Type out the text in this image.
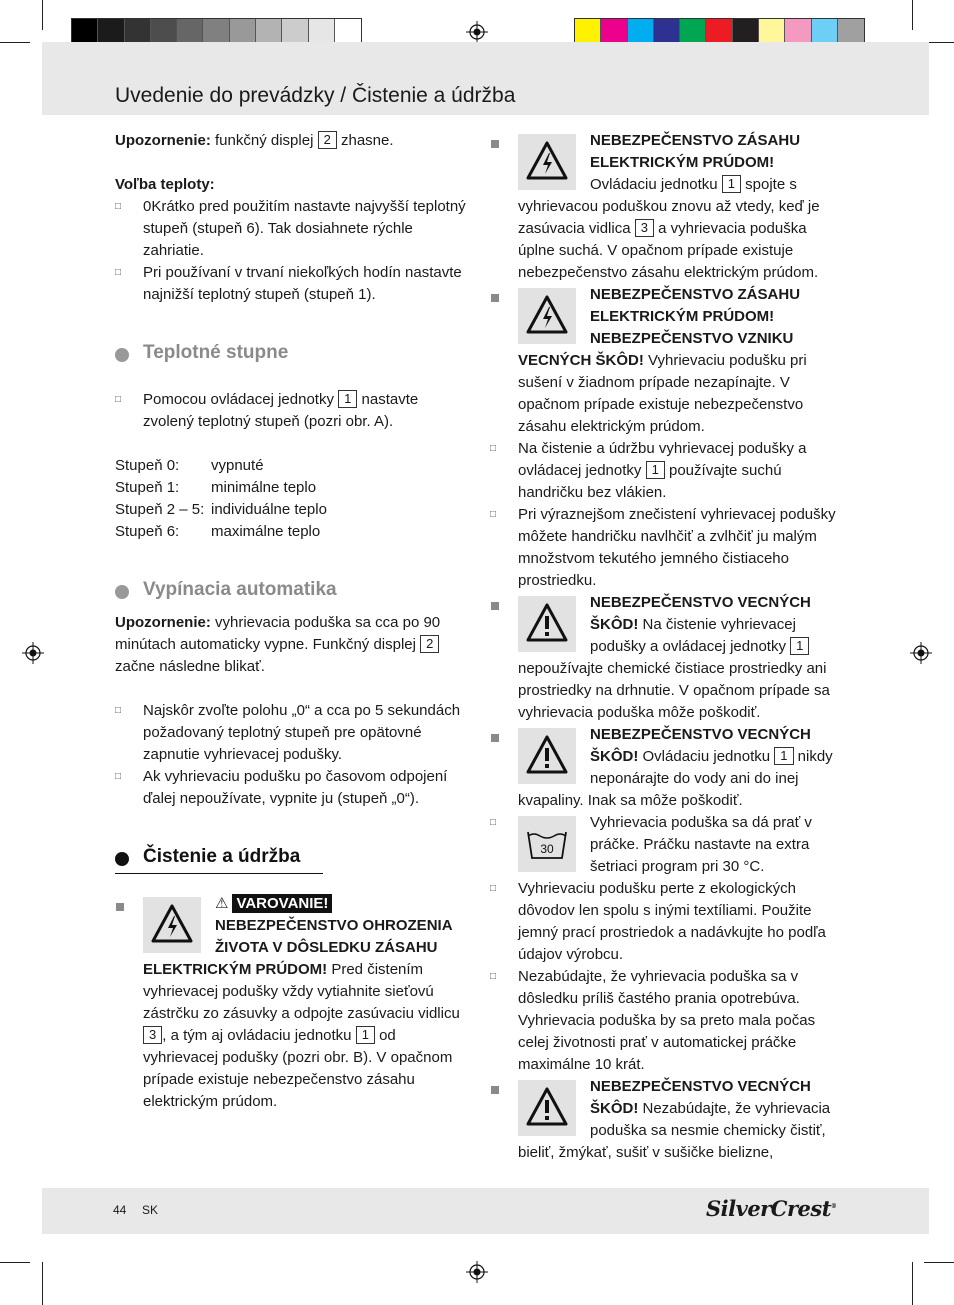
Uvedenie do prevádzky / Čistenie a údržba

Upozornenie: funkčný displej 2 zhasne.

Voľba teploty:

□	0Krátko pred použitím nastavte najvyšší teplotný stupeň (stupeň 6). Tak dosiahnete rýchle zahriatie.
□	Pri používaní v trvaní niekoľkých hodín nastavte najnižší teplotný stupeň (stupeň 1).
Teplotné stupne
□	Pomocou ovládacej jednotky 1 nastavte zvolený teplotný stupeň (pozri obr. A).
Stupeň 0:	vypnuté
Stupeň 1:	minimálne teplo
Stupeň 2 – 5: individuálne teplo
Stupeň 6:	maximálne teplo
Vypínacia automatika

Upozornenie: vyhrievacia poduška sa cca po 90 minútach automaticky vypne. Funkčný displej 2 začne následne blikať.

□	Najskôr zvoľte polohu „0“ a cca po 5 sekundách požadovaný teplotný stupeň pre opätovné zapnutie vyhrievacej podušky.
□	Ak vyhrievaciu podušku po časovom odpojení ďalej nepoužívate, vypnite ju (stupeň „0“).
Čistenie a údržba
⚠ VAROVANIE! NEBEZPEČENSTVO OHROZENIA ŽIVOTA V DÔSLEDKU ZÁSAHU ELEKTRICKÝM PRÚDOM! Pred čistením vyhrievacej podušky vždy vytiahnite sieťovú zástrčku zo zásuvky a odpojte zasúvaciu vidlicu 3 , a tým aj ovládaciu jednotku 1 od vyhrievacej podušky (pozri obr. B). V opačnom prípade existuje nebezpečenstvo zásahu elektrickým prúdom.
NEBEZPEČENSTVO ZÁSAHU ELEKTRICKÝM PRÚDOM! Ovládaciu jednotku 1 spojte s vyhrievacou poduškou znovu až vtedy, keď je zasúvacia vidlica 3 a vyhrievacia poduška úplne suchá. V opačnom prípade existuje nebezpečenstvo zásahu elektrickým prúdom.
NEBEZPEČENSTVO ZÁSAHU ELEKTRICKÝM PRÚDOM! NEBEZPEČENSTVO VZNIKU VECNÝCH ŠKÔD! Vyhrievaciu podušku pri sušení v žiadnom prípade nezapínajte. V opačnom prípade existuje nebezpečenstvo zásahu elektrickým prúdom.
□	Na čistenie a údržbu vyhrievacej podušky a ovládacej jednotky 1 používajte suchú handričku bez vlákien.
□	Pri výraznejšom znečistení vyhrievacej podušky môžete handričku navlhčiť a zvlhčiť ju malým množstvom tekutého jemného čistiaceho prostriedku.
NEBEZPEČENSTVO VECNÝCH ŠKÔD! Na čistenie vyhrievacej podušky a ovládacej jednotky 1 nepoužívajte chemické čistiace prostriedky ani prostriedky na drhnutie. V opačnom prípade sa vyhrievacia poduška môže poškodiť.
NEBEZPEČENSTVO VECNÝCH ŠKÔD! Ovládaciu jednotku 1 nikdy neponárajte do vody ani do inej kvapaliny. Inak sa môže poškodiť.
□
30
Vyhrievacia poduška sa dá prať v práčke. Práčku nastavte na extra šetriaci program pri 30 °C.
□	Vyhrievaciu podušku perte z ekologických dôvodov len spolu s inými textíliami. Použite jemný prací prostriedok a nadávkujte ho podľa údajov výrobcu.
□	Nezabúdajte, že vyhrievacia poduška sa v dôsledku príliš častého prania opotrebúva. Vyhrievacia poduška by sa preto mala počas celej životnosti prať v automatickej práčke maximálne 10 krát.
NEBEZPEČENSTVO VECNÝCH ŠKÔD! Nezabúdajte, že vyhrievacia poduška sa nesmie chemicky čistiť, bieliť, žmýkať, sušiť v sušičke bielizne,
44 SK	SilverCrest®
